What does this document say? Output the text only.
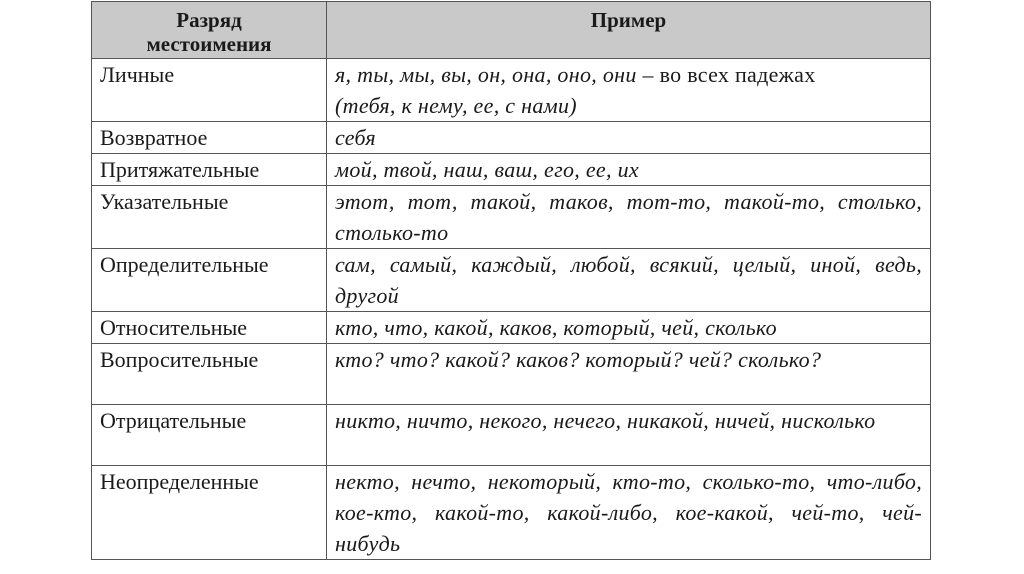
Разряд
местоимения	Пример
Личные	я, ты, мы, вы, он, она, оно, они – во всех падежах
(тебя, к нему, ее, с нами)
Возвратное	себя
Притяжательные	мой, твой, наш, ваш, его, ее, их
Указательные	этот, тот, такой, таков, тот-то, такой-то, столько, столько-то
Определительные	сам, самый, каждый, любой, всякий, целый, иной, ведь, другой
Относительные	кто, что, какой, каков, который, чей, сколько
Вопросительные	кто? что? какой? каков? который? чей? сколько?
Отрицательные	никто, ничто, некого, нечего, никакой, ничей, нисколько
Неопределенные	некто, нечто, некоторый, кто-то, сколько-то, что-либо, кое-кто, какой-то, какой-либо, кое-какой, чей-то, чей-нибудь
